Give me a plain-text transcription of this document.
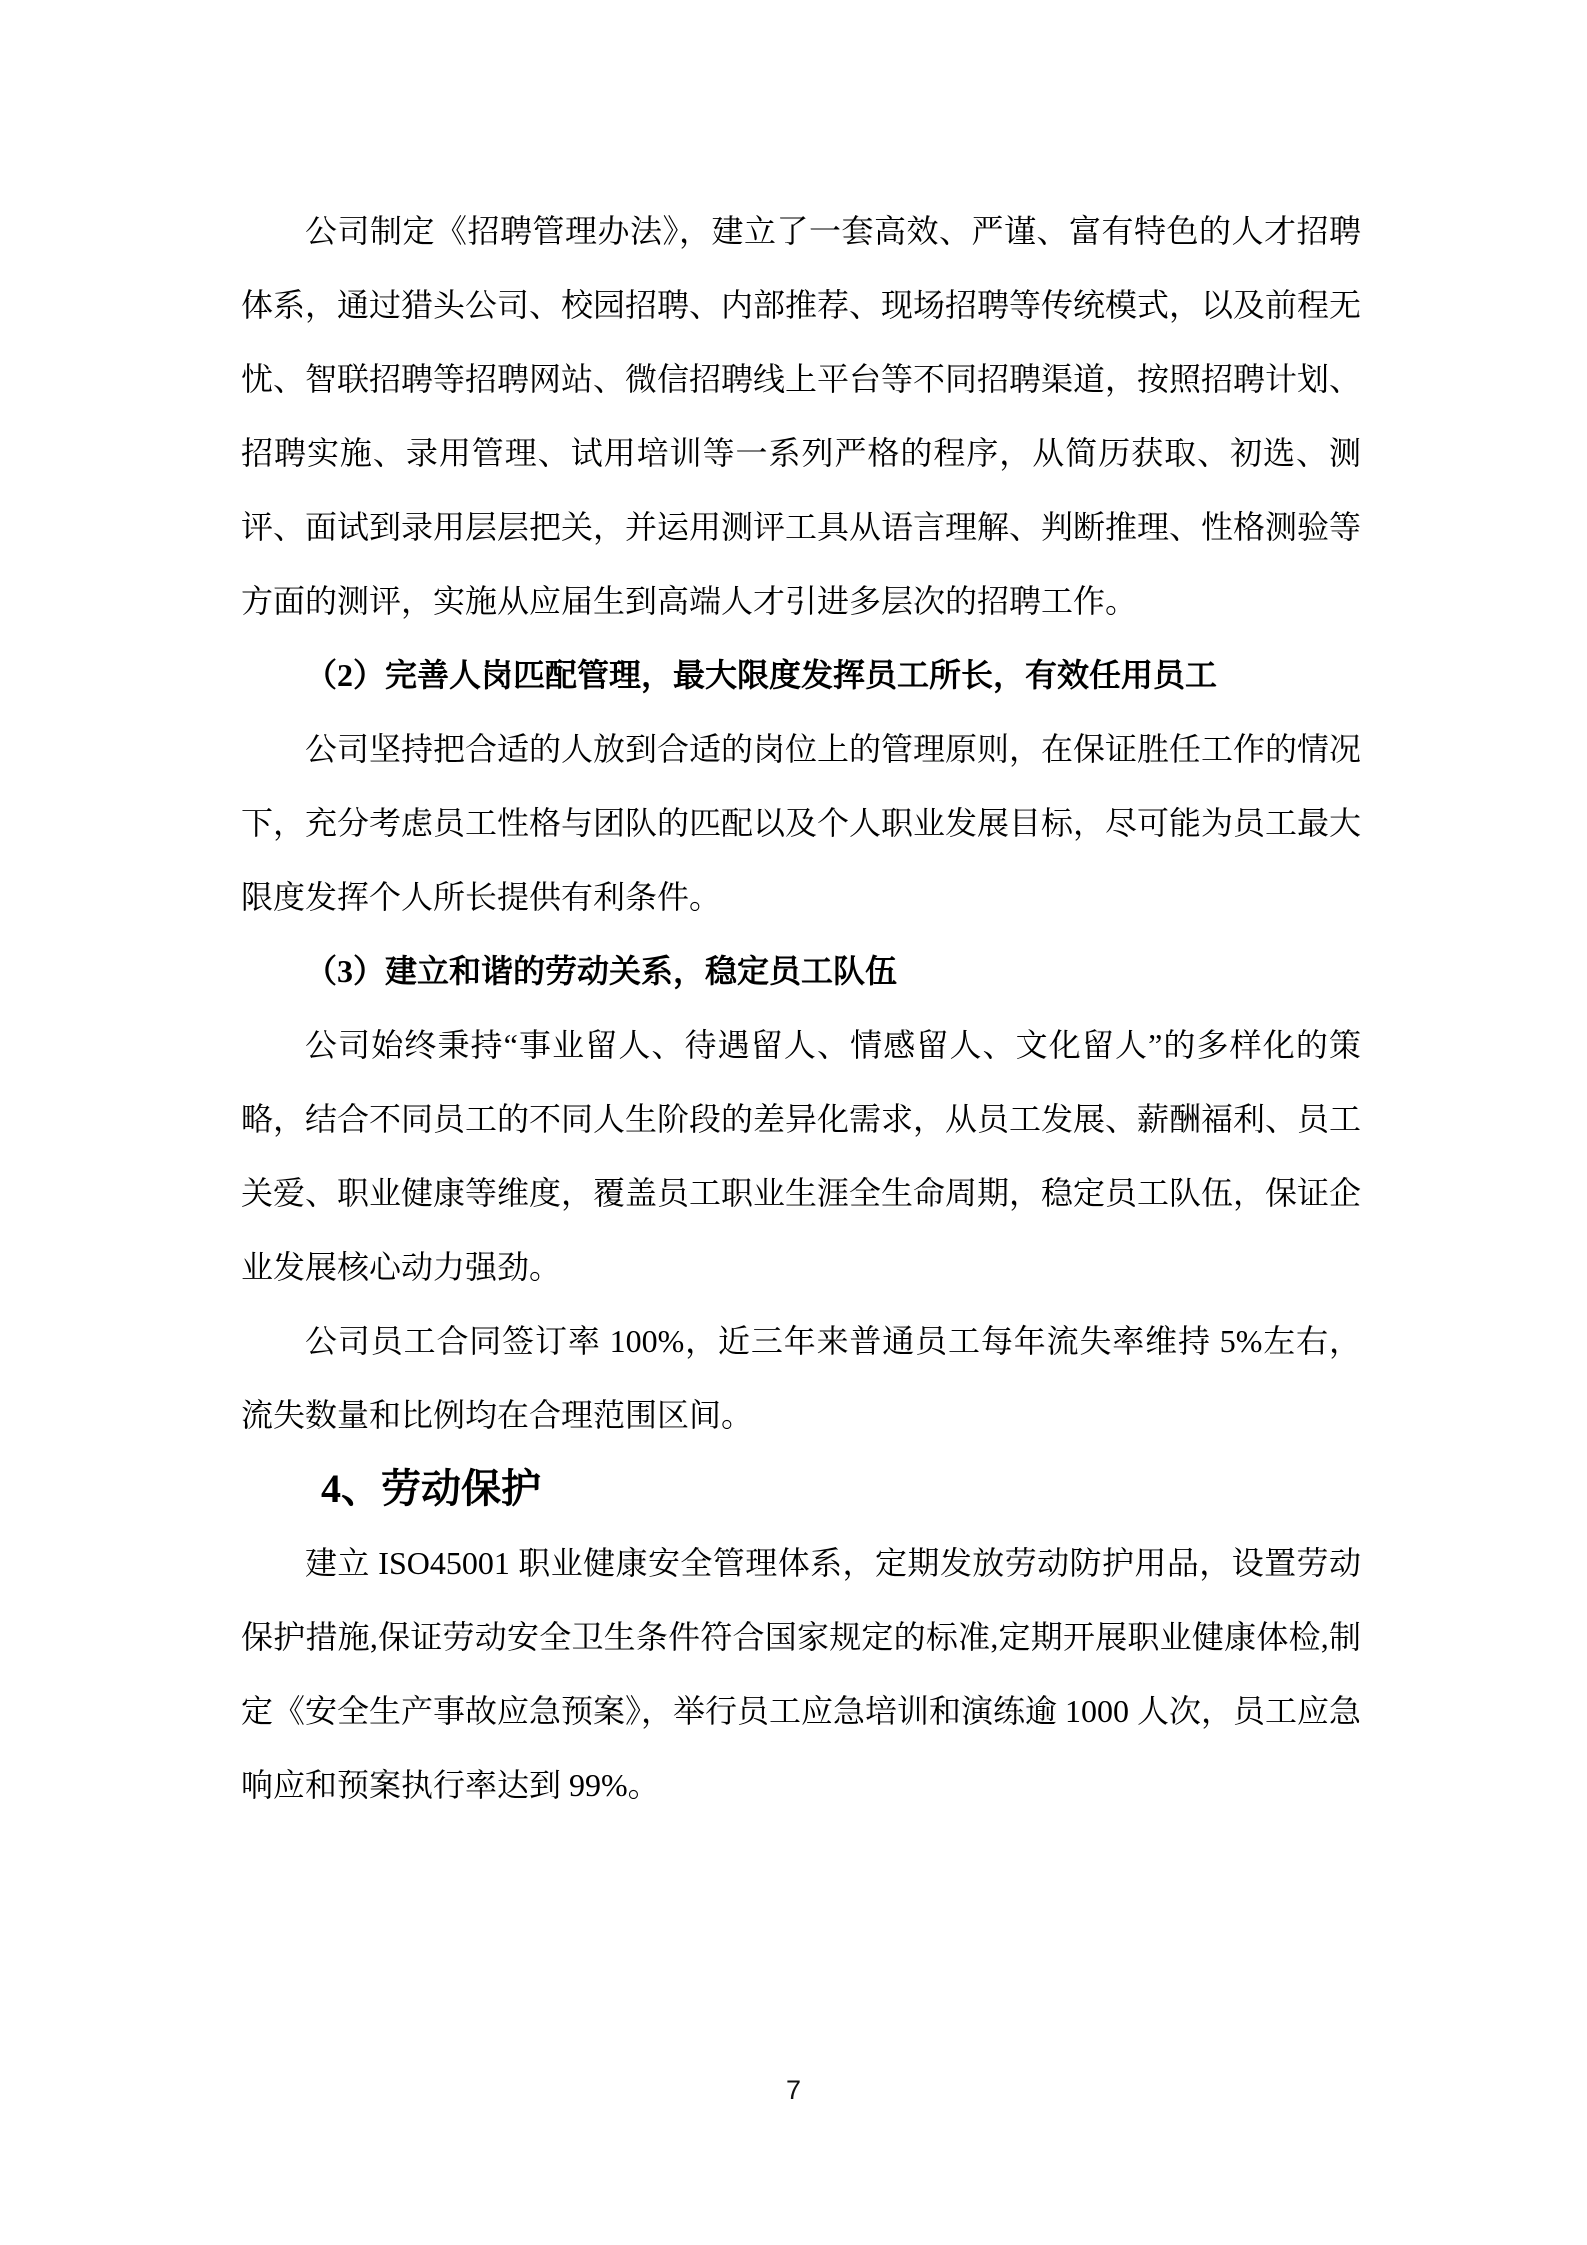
公司制定《招聘管理办法》，建立了一套高效、严谨、富有特色的人才招聘体系，通过猎头公司、校园招聘、内部推荐、现场招聘等传统模式，以及前程无忧、智联招聘等招聘网站、微信招聘线上平台等不同招聘渠道，按照招聘计划、招聘实施、录用管理、试用培训等一系列严格的程序，从简历获取、初选、测评、面试到录用层层把关，并运用测评工具从语言理解、判断推理、性格测验等方面的测评，实施从应届生到高端人才引进多层次的招聘工作。

（2）完善人岗匹配管理，最大限度发挥员工所长，有效任用员工

公司坚持把合适的人放到合适的岗位上的管理原则，在保证胜任工作的情况下，充分考虑员工性格与团队的匹配以及个人职业发展目标，尽可能为员工最大限度发挥个人所长提供有利条件。

（3）建立和谐的劳动关系，稳定员工队伍

公司始终秉持“事业留人、待遇留人、情感留人、文化留人”的多样化的策略，结合不同员工的不同人生阶段的差异化需求，从员工发展、薪酬福利、员工关爱、职业健康等维度，覆盖员工职业生涯全生命周期，稳定员工队伍，保证企业发展核心动力强劲。

公司员工合同签订率 100%，近三年来普通员工每年流失率维持 5%左右，流失数量和比例均在合理范围区间。

4、劳动保护

建立 ISO45001 职业健康安全管理体系，定期发放劳动防护用品，设置劳动保护措施,保证劳动安全卫生条件符合国家规定的标准,定期开展职业健康体检,制定《安全生产事故应急预案》，举行员工应急培训和演练逾 1000 人次，员工应急响应和预案执行率达到 99%。

7
